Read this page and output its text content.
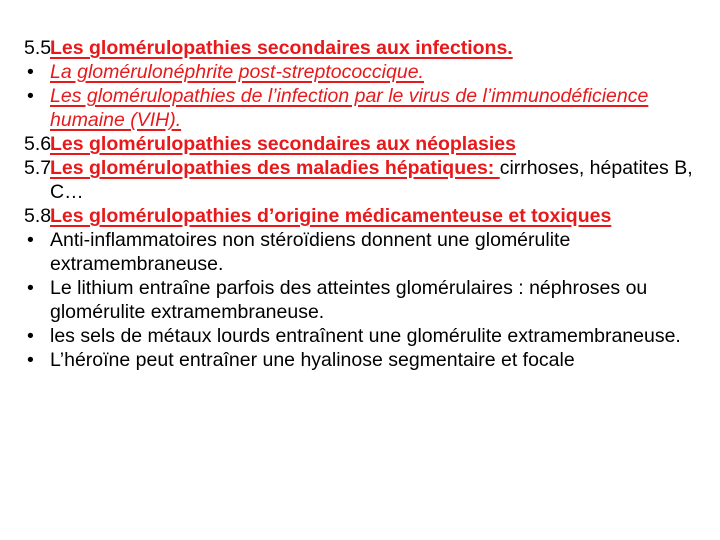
5.5.Les glomérulopathies secondaires aux infections.
• La glomérulonéphrite post-streptococcique.
• Les glomérulopathies de l’infection par le virus de l’immunodéficience humaine (VIH).
5.6.Les glomérulopathies secondaires aux néoplasies
5.7.Les glomérulopathies des maladies hépatiques: cirrhoses, hépatites B, C…
5.8.Les glomérulopathies d’origine médicamenteuse et toxiques
• Anti-inflammatoires non stéroïdiens donnent une glomérulite extramembraneuse.
• Le lithium entraîne parfois des atteintes glomérulaires : néphroses ou glomérulite extramembraneuse.
• les sels de métaux lourds entraînent une glomérulite extramembraneuse.
• L’héroïne peut entraîner une hyalinose segmentaire et focale
